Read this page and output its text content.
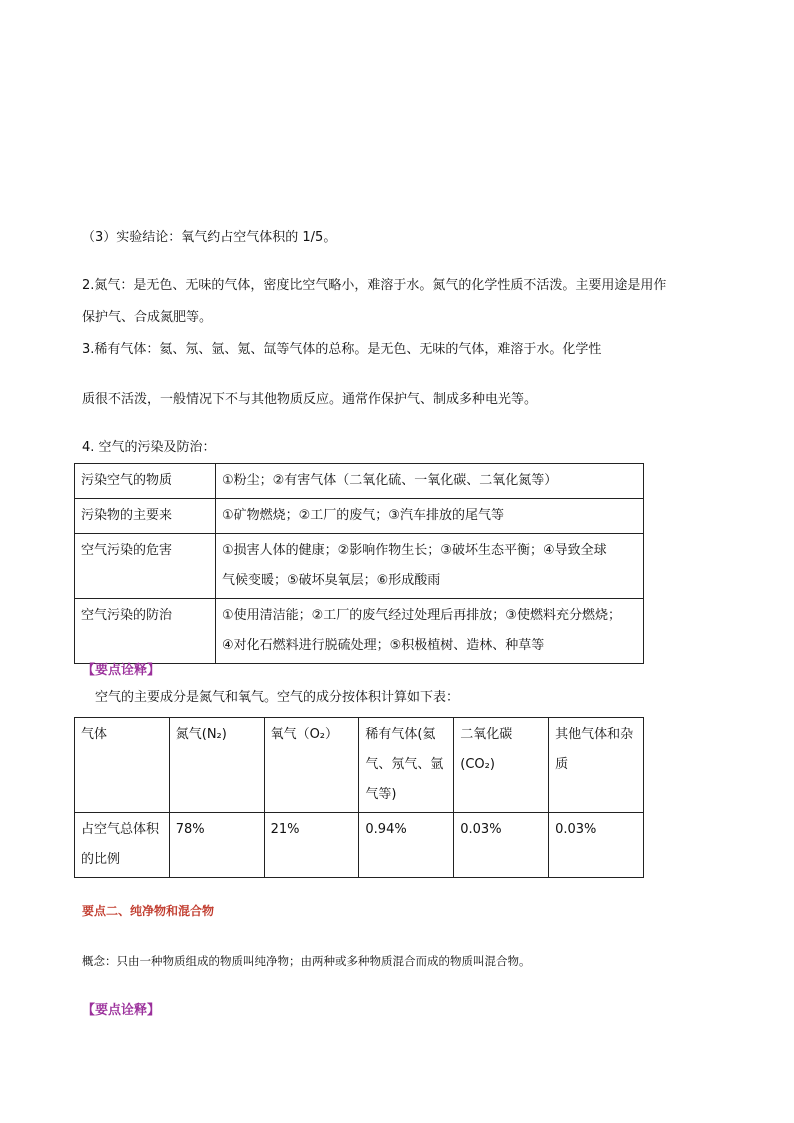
（3）实验结论：氧气约占空气体积的 1/5。
2.氮气：是无色、无味的气体，密度比空气略小，难溶于水。氮气的化学性质不活泼。主要用途是用作
保护气、合成氮肥等。
3.稀有气体：氦、氖、氩、氪、氙等气体的总称。是无色、无味的气体，难溶于水。化学性
质很不活泼，一般情况下不与其他物质反应。通常作保护气、制成多种电光等。
4. 空气的污染及防治：
污染空气的物质	①粉尘；②有害气体（二氧化硫、一氧化碳、二氧化氮等）
污染物的主要来	①矿物燃烧；②工厂的废气；③汽车排放的尾气等
空气污染的危害	①损害人体的健康；②影响作物生长；③破坏生态平衡；④导致全球
气候变暖；⑤破坏臭氧层；⑥形成酸雨

空气污染的防治	①使用清洁能；②工厂的废气经过处理后再排放；③使燃料充分燃烧；
④对化石燃料进行脱硫处理；⑤积极植树、造林、种草等
【要点诠释】
空气的主要成分是氮气和氧气。空气的成分按体积计算如下表：
气体	氮气(N₂)	氧气（O₂）	稀有气体(氦气、氖气、氩气等)	二氧化碳(CO₂)	其他气体和杂质
占空气总体积的比例	78%	21%	0.94%	0.03%	0.03%
要点二、纯净物和混合物
概念：只由一种物质组成的物质叫纯净物；由两种或多种物质混合而成的物质叫混合物。
【要点诠释】
